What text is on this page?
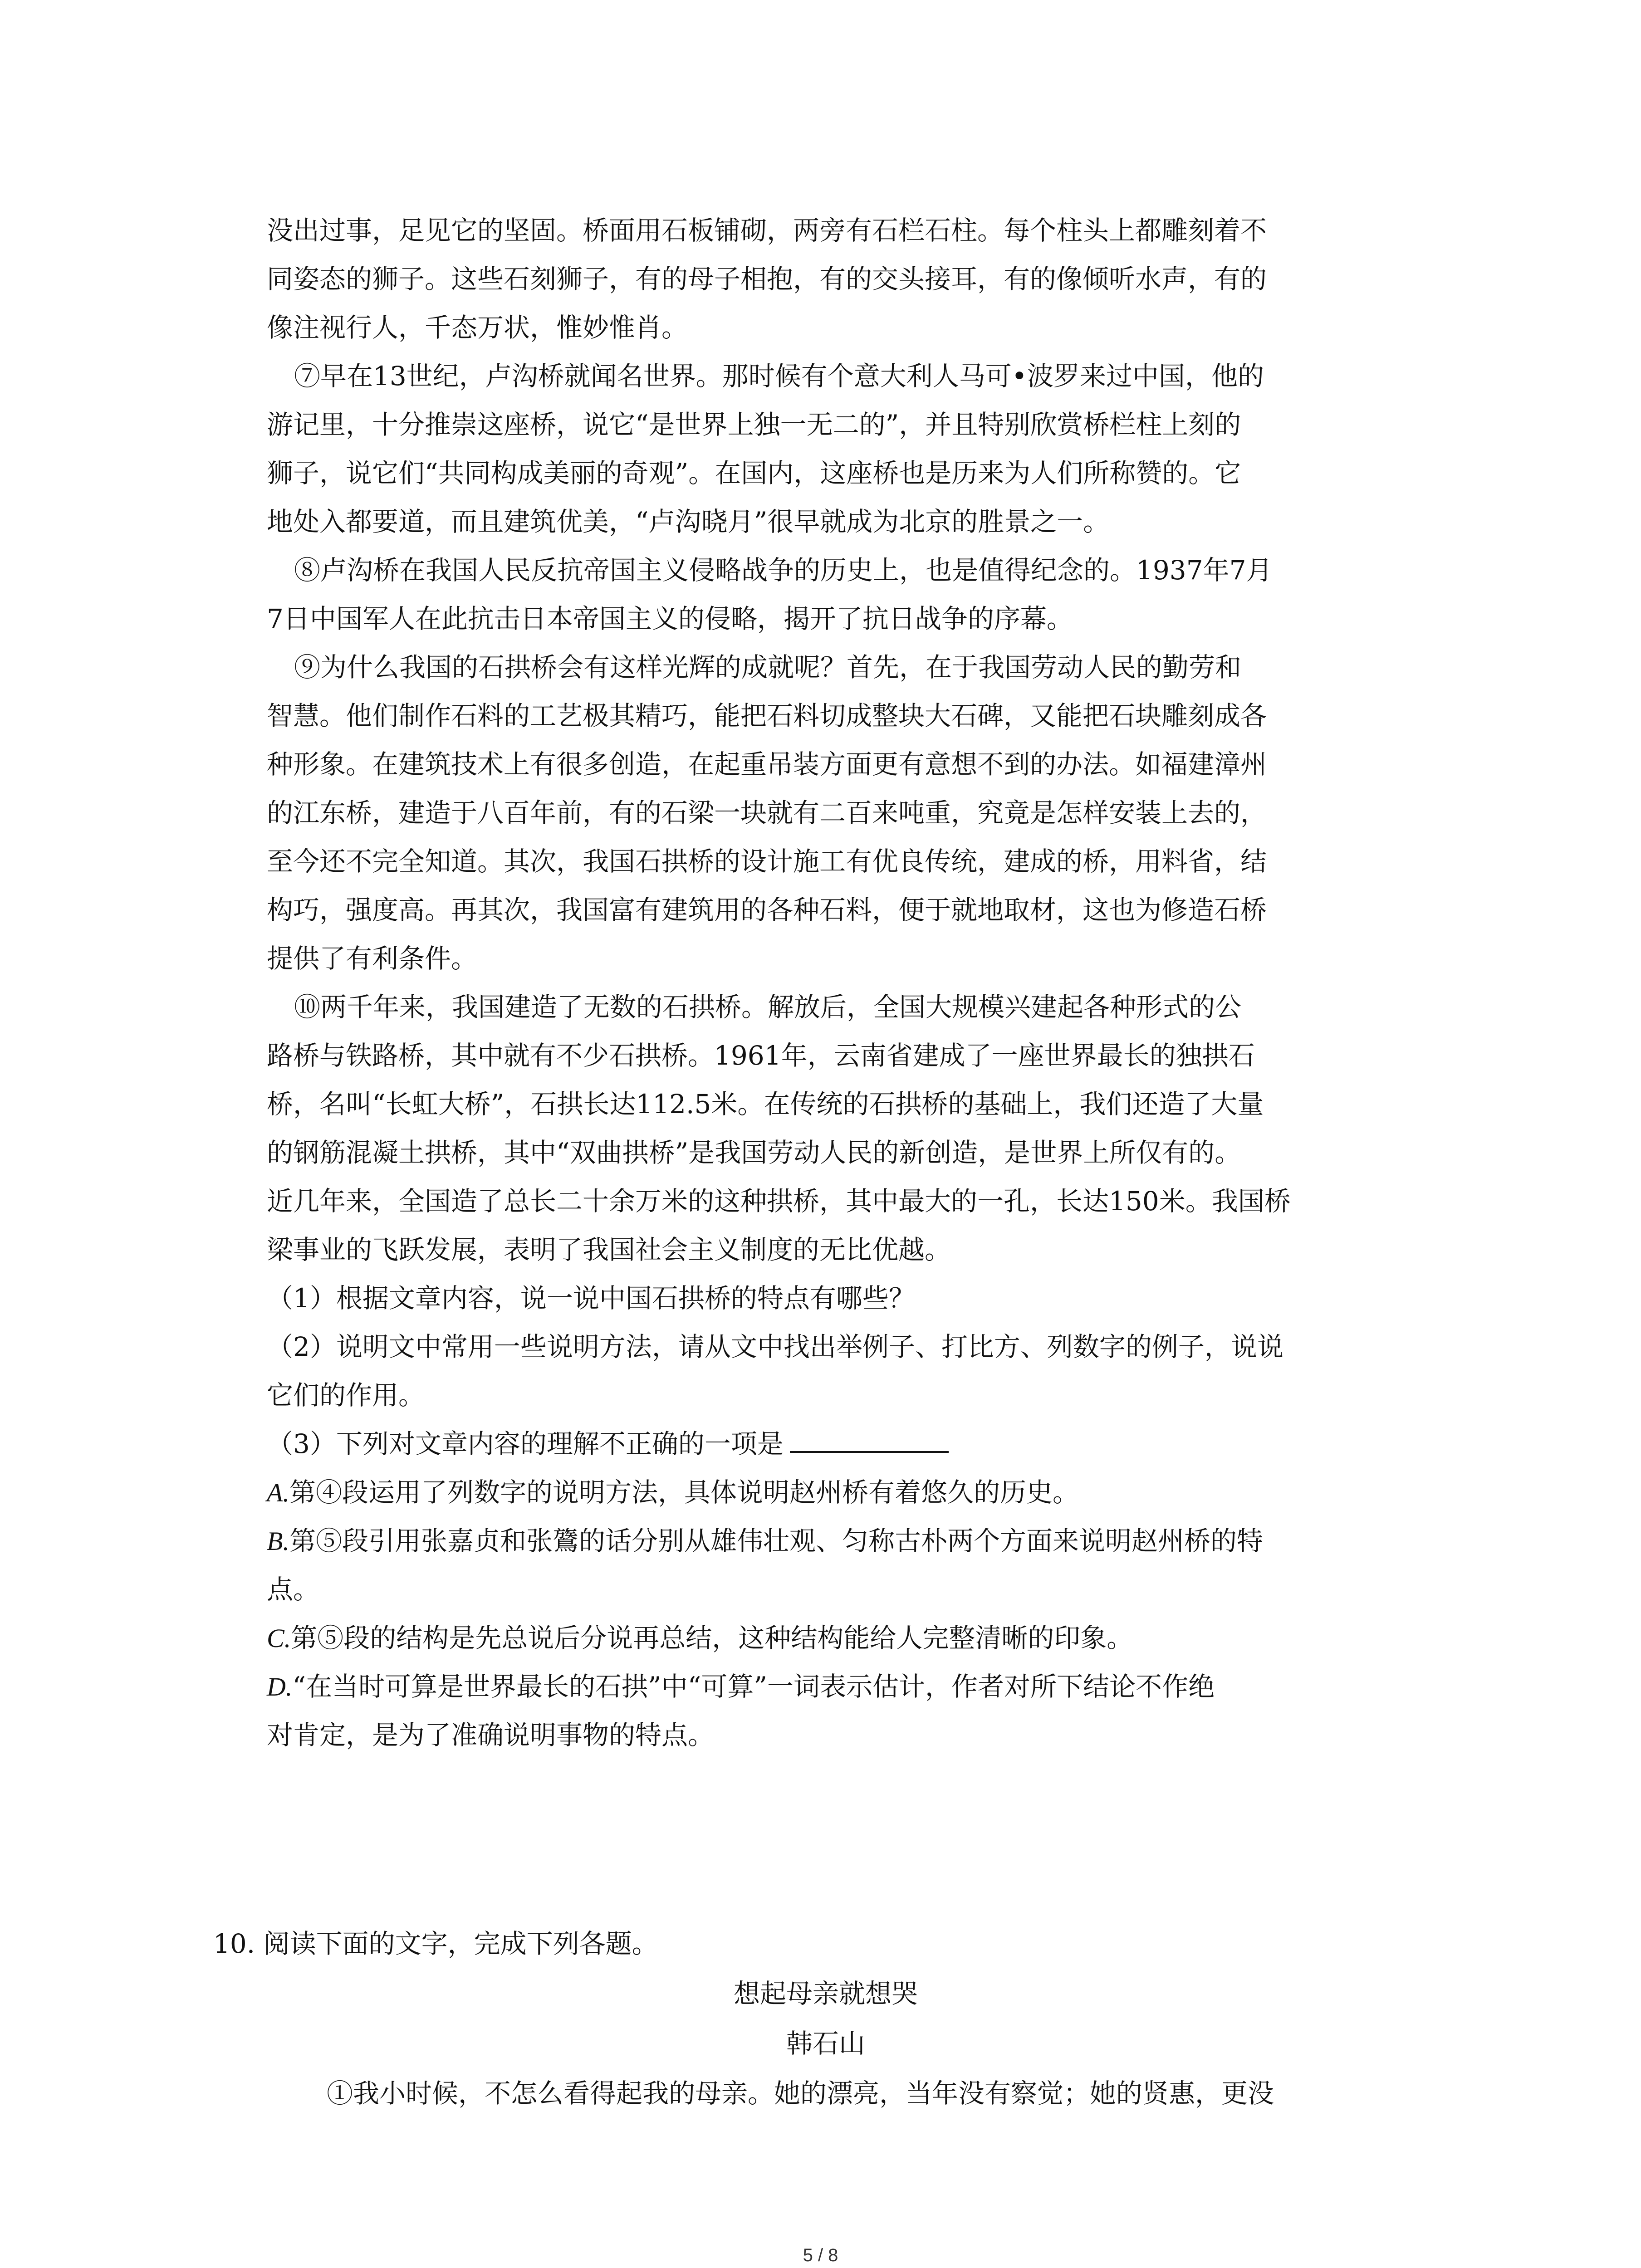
没出过事，足见它的坚固。桥面用石板铺砌，两旁有石栏石柱。每个柱头上都雕刻着不
同姿态的狮子。这些石刻狮子，有的母子相抱，有的交头接耳，有的像倾听水声，有的
像注视行人，千态万状，惟妙惟肖。

⑦早在13世纪，卢沟桥就闻名世界。那时候有个意大利人马可•波罗来过中国，他的
游记里，十分推崇这座桥，说它“是世界上独一无二的”，并且特别欣赏桥栏柱上刻的
狮子，说它们“共同构成美丽的奇观”。在国内，这座桥也是历来为人们所称赞的。它
地处入都要道，而且建筑优美，“卢沟晓月”很早就成为北京的胜景之一。

⑧卢沟桥在我国人民反抗帝国主义侵略战争的历史上，也是值得纪念的。1937年7月
7日中国军人在此抗击日本帝国主义的侵略，揭开了抗日战争的序幕。

⑨为什么我国的石拱桥会有这样光辉的成就呢？首先，在于我国劳动人民的勤劳和
智慧。他们制作石料的工艺极其精巧，能把石料切成整块大石碑，又能把石块雕刻成各
种形象。在建筑技术上有很多创造，在起重吊装方面更有意想不到的办法。如福建漳州
的江东桥，建造于八百年前，有的石梁一块就有二百来吨重，究竟是怎样安装上去的，
至今还不完全知道。其次，我国石拱桥的设计施工有优良传统，建成的桥，用料省，结
构巧，强度高。再其次，我国富有建筑用的各种石料，便于就地取材，这也为修造石桥
提供了有利条件。

⑩两千年来，我国建造了无数的石拱桥。解放后，全国大规模兴建起各种形式的公
路桥与铁路桥，其中就有不少石拱桥。1961年，云南省建成了一座世界最长的独拱石
桥，名叫“长虹大桥”，石拱长达112.5米。在传统的石拱桥的基础上，我们还造了大量
的钢筋混凝土拱桥，其中“双曲拱桥”是我国劳动人民的新创造，是世界上所仅有的。
近几年来，全国造了总长二十余万米的这种拱桥，其中最大的一孔，长达150米。我国桥
梁事业的飞跃发展，表明了我国社会主义制度的无比优越。

（1）根据文章内容，说一说中国石拱桥的特点有哪些？

（2）说明文中常用一些说明方法，请从文中找出举例子、打比方、列数字的例子，说说
它们的作用。

（3）下列对文章内容的理解不正确的一项是

A.第④段运用了列数字的说明方法，具体说明赵州桥有着悠久的历史。

B.第⑤段引用张嘉贞和张鷟的话分别从雄伟壮观、匀称古朴两个方面来说明赵州桥的特
点。

C.第⑤段的结构是先总说后分说再总结，这种结构能给人完整清晰的印象。

D.“在当时可算是世界最长的石拱”中“可算”一词表示估计，作者对所下结论不作绝
对肯定，是为了准确说明事物的特点。

10. 阅读下面的文字，完成下列各题。

想起母亲就想哭

韩石山

①我小时候，不怎么看得起我的母亲。她的漂亮，当年没有察觉；她的贤惠，更没

5 / 8
